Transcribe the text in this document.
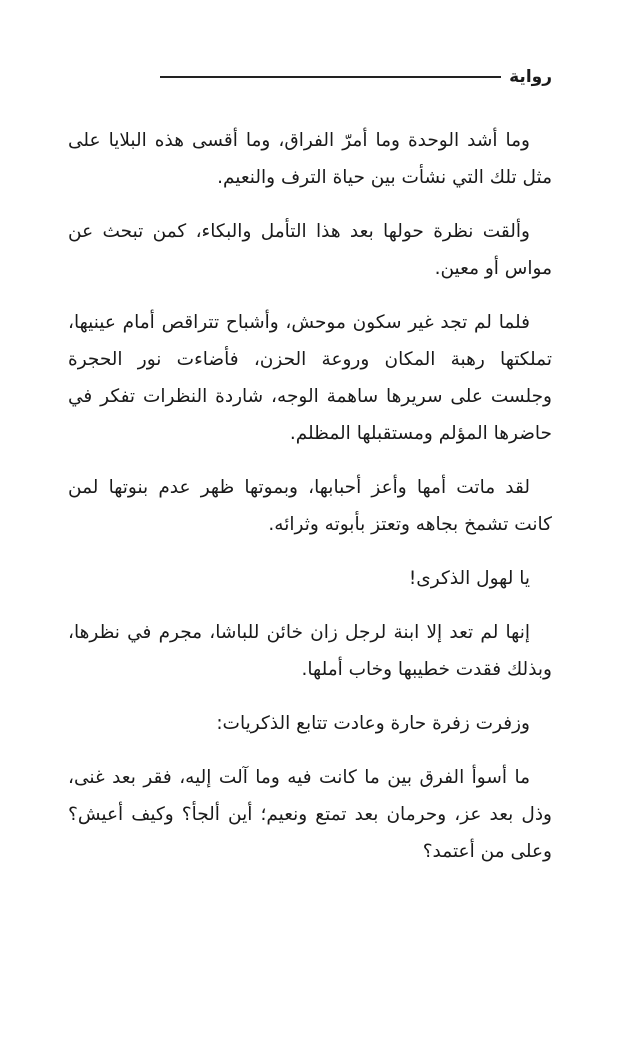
رواية

وما أشد الوحدة وما أمرّ الفراق، وما أقسى هذه البلايا على مثل تلك التي نشأت بين حياة الترف والنعيم.

وألقت نظرة حولها بعد هذا التأمل والبكاء، كمن تبحث عن مواس أو معين.

فلما لم تجد غير سكون موحش، وأشباح تتراقص أمام عينيها، تملكتها رهبة المكان وروعة الحزن، فأضاءت نور الحجرة وجلست على سريرها ساهمة الوجه، شاردة النظرات تفكر في حاضرها المؤلم ومستقبلها المظلم.

لقد ماتت أمها وأعز أحبابها، وبموتها ظهر عدم بنوتها لمن كانت تشمخ بجاهه وتعتز بأبوته وثرائه.

يا لهول الذكرى!

إنها لم تعد إلا ابنة لرجل زان خائن للباشا، مجرم في نظرها، وبذلك فقدت خطيبها وخاب أملها.

وزفرت زفرة حارة وعادت تتابع الذكريات:

ما أسوأ الفرق بين ما كانت فيه وما آلت إليه، فقر بعد غنى، وذل بعد عز، وحرمان بعد تمتع ونعيم؛ أين ألجأ؟ وكيف أعيش؟ وعلى من أعتمد؟
